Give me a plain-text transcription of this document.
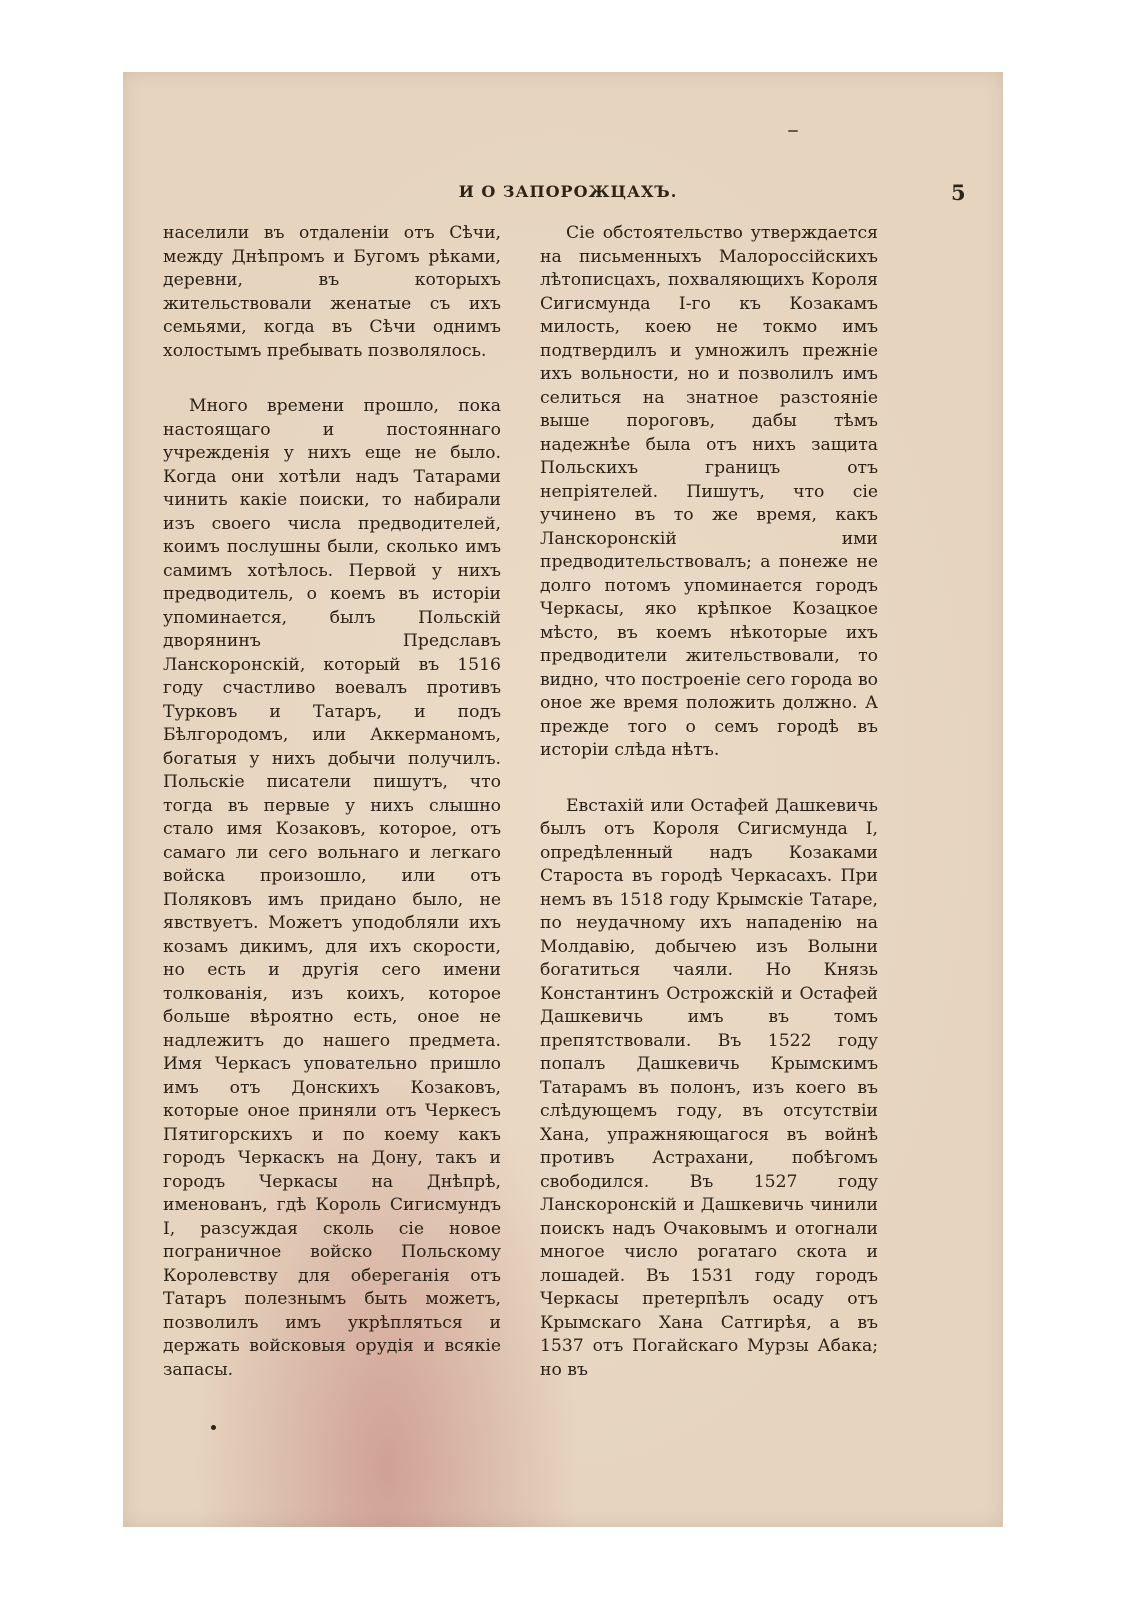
И О ЗАПОРОЖЦАХЪ.	5

населили въ отдаленіи отъ Сѣчи, между Днѣпромъ и Бугомъ рѣками, деревни, въ которыхъ жительствовали женатые съ ихъ семьями, когда въ Сѣчи однимъ холостымъ пребывать позволялось.

Много времени прошло, пока настоящаго и постояннаго учрежденія у нихъ еще не было. Когда они хотѣли надъ Татарами чинить какіе поиски, то набирали изъ своего числа предводителей, коимъ послушны были, сколько имъ самимъ хотѣлось. Первой у нихъ предводитель, о коемъ въ исторіи упоминается, былъ Польскій дворянинъ Предславъ Ланскоронскій, который въ 1516 году счастливо воевалъ противъ Турковъ и Татаръ, и подъ Бѣлгородомъ, или Аккерманомъ, богатыя у нихъ добычи получилъ. Польскіе писатели пишутъ, что тогда въ первые у нихъ слышно стало имя Козаковъ, которое, отъ самаго ли сего вольнаго и легкаго войска произошло, или отъ Поляковъ имъ придано было, не явствуетъ. Можетъ уподобляли ихъ козамъ дикимъ, для ихъ скорости, но есть и другія сего имени толкованія, изъ коихъ, которое больше вѣроятно есть, оное не надлежитъ до нашего предмета. Имя Черкасъ уповательно пришло имъ отъ Донскихъ Козаковъ, которые оное приняли отъ Черкесъ Пятигорскихъ и по коему какъ городъ Черкаскъ на Дону, такъ и городъ Черкасы на Днѣпрѣ, именованъ, гдѣ Король Сигисмундъ I, разсуждая сколь сіе новое пограничное войско Польскому Королевству для обереганія отъ Татаръ полезнымъ быть можетъ, позволилъ имъ укрѣпляться и держать войсковыя орудія и всякіе запасы.

Сіе обстоятельство утверждается на письменныхъ Малороссійскихъ лѣтописцахъ, похваляющихъ Короля Сигисмунда I-го къ Козакамъ милость, коею не токмо имъ подтвердилъ и умножилъ прежніе ихъ вольности, но и позволилъ имъ селиться на знатное разстояніе выше пороговъ, дабы тѣмъ надежнѣе была отъ нихъ защита Польскихъ границъ отъ непріятелей. Пишутъ, что сіе учинено въ то же время, какъ Ланскоронскій ими предводительствовалъ; а понеже не долго потомъ упоминается городъ Черкасы, яко крѣпкое Козацкое мѣсто, въ коемъ нѣкоторые ихъ предводители жительствовали, то видно, что построеніе сего города во оное же время положить должно. А прежде того о семъ городѣ въ исторіи слѣда нѣтъ.

Евстахій или Остафей Дашкевичь былъ отъ Короля Сигисмунда I, опредѣленный надъ Козаками Староста въ городѣ Черкасахъ. При немъ въ 1518 году Крымскіе Татаре, по неудачному ихъ нападенію на Молдавію, добычею изъ Волыни богатиться чаяли. Но Князь Константинъ Острожскій и Остафей Дашкевичь имъ въ томъ препятствовали. Въ 1522 году попалъ Дашкевичь Крымскимъ Татарамъ въ полонъ, изъ коего въ слѣдующемъ году, въ отсутствіи Хана, упражняющагося въ войнѣ противъ Астрахани, побѣгомъ свободился. Въ 1527 году Ланскоронскій и Дашкевичь чинили поискъ надъ Очаковымъ и отогнали многое число рогатаго скота и лошадей. Въ 1531 году городъ Черкасы претерпѣлъ осаду отъ Крымскаго Хана Сатгирѣя, а въ 1537 отъ Погайскаго Мурзы Абака; но въ
